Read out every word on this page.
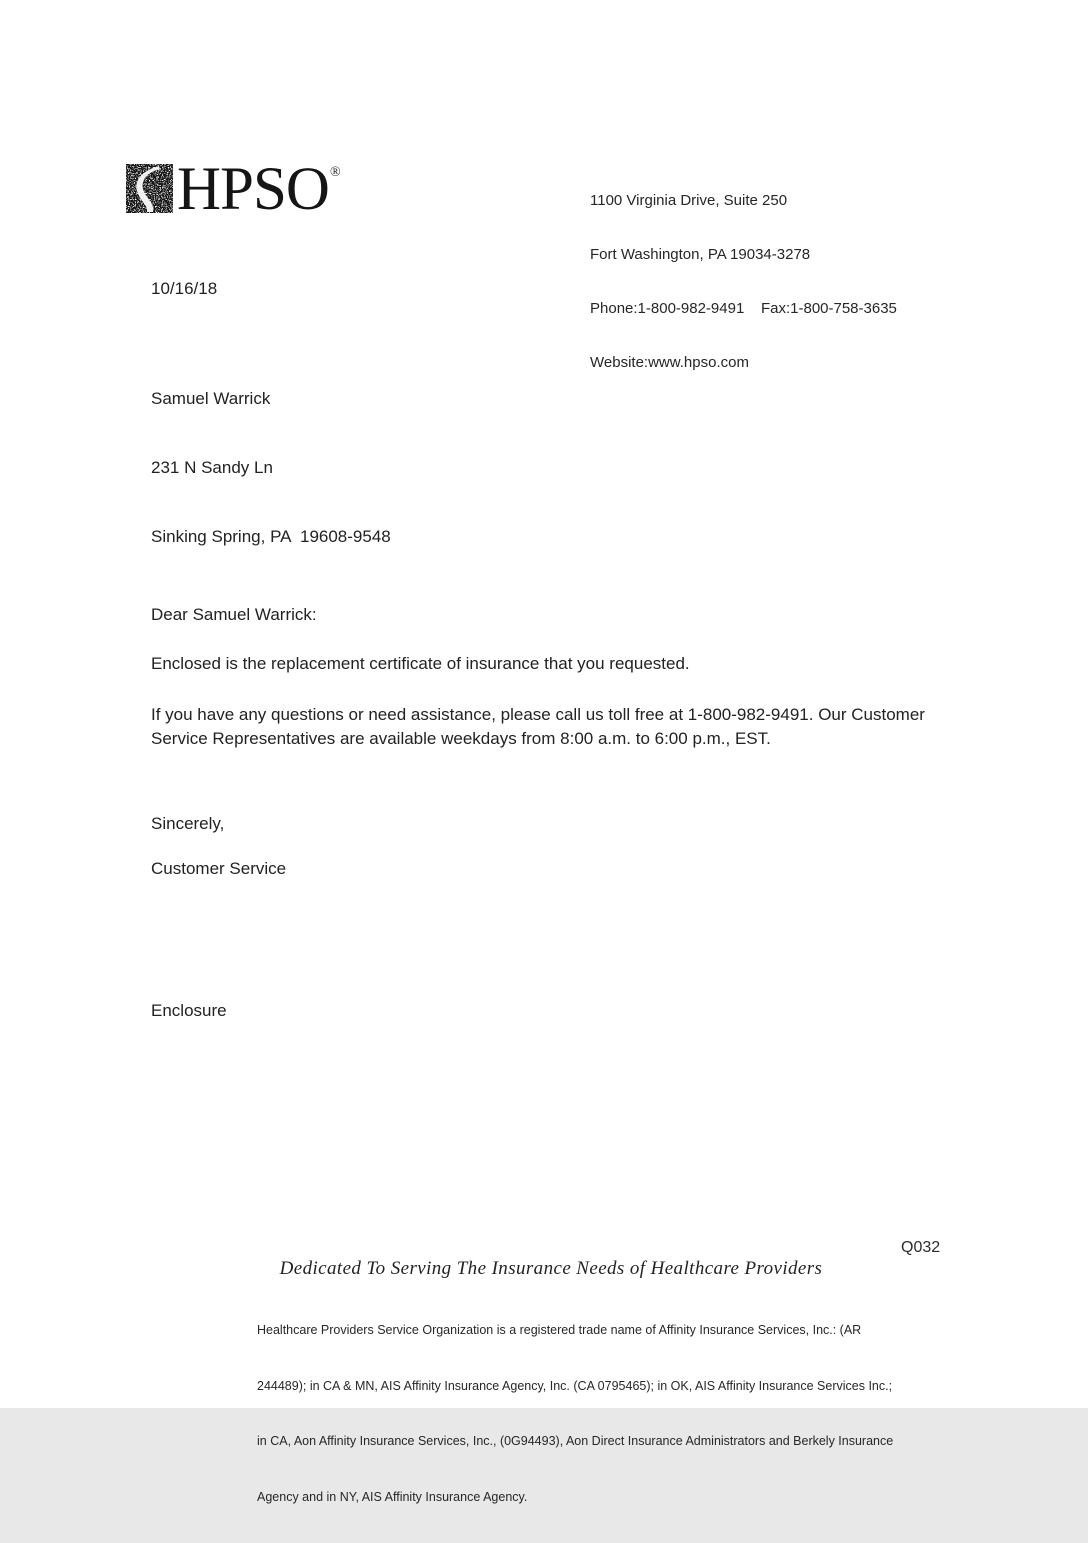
HPSO ®

1100 Virginia Drive, Suite 250

Fort Washington, PA 19034-3278

Phone:1-800-982-9491    Fax:1-800-758-3635

Website:www.hpso.com

10/16/18

Samuel Warrick

231 N Sandy Ln

Sinking Spring, PA  19608-9548

Dear Samuel Warrick:
Enclosed is the replacement certificate of insurance that you requested.
If you have any questions or need assistance, please call us toll free at 1-800-982-9491. Our Customer Service Representatives are available weekdays from 8:00 a.m. to 6:00 p.m., EST.
Sincerely,
Customer Service
Enclosure
Q032
Dedicated To Serving The Insurance Needs of Healthcare Providers

Healthcare Providers Service Organization is a registered trade name of Affinity Insurance Services, Inc.: (AR

244489); in CA & MN, AIS Affinity Insurance Agency, Inc. (CA 0795465); in OK, AIS Affinity Insurance Services Inc.;

in CA, Aon Affinity Insurance Services, Inc., (0G94493), Aon Direct Insurance Administrators and Berkely Insurance

Agency and in NY, AIS Affinity Insurance Agency.
